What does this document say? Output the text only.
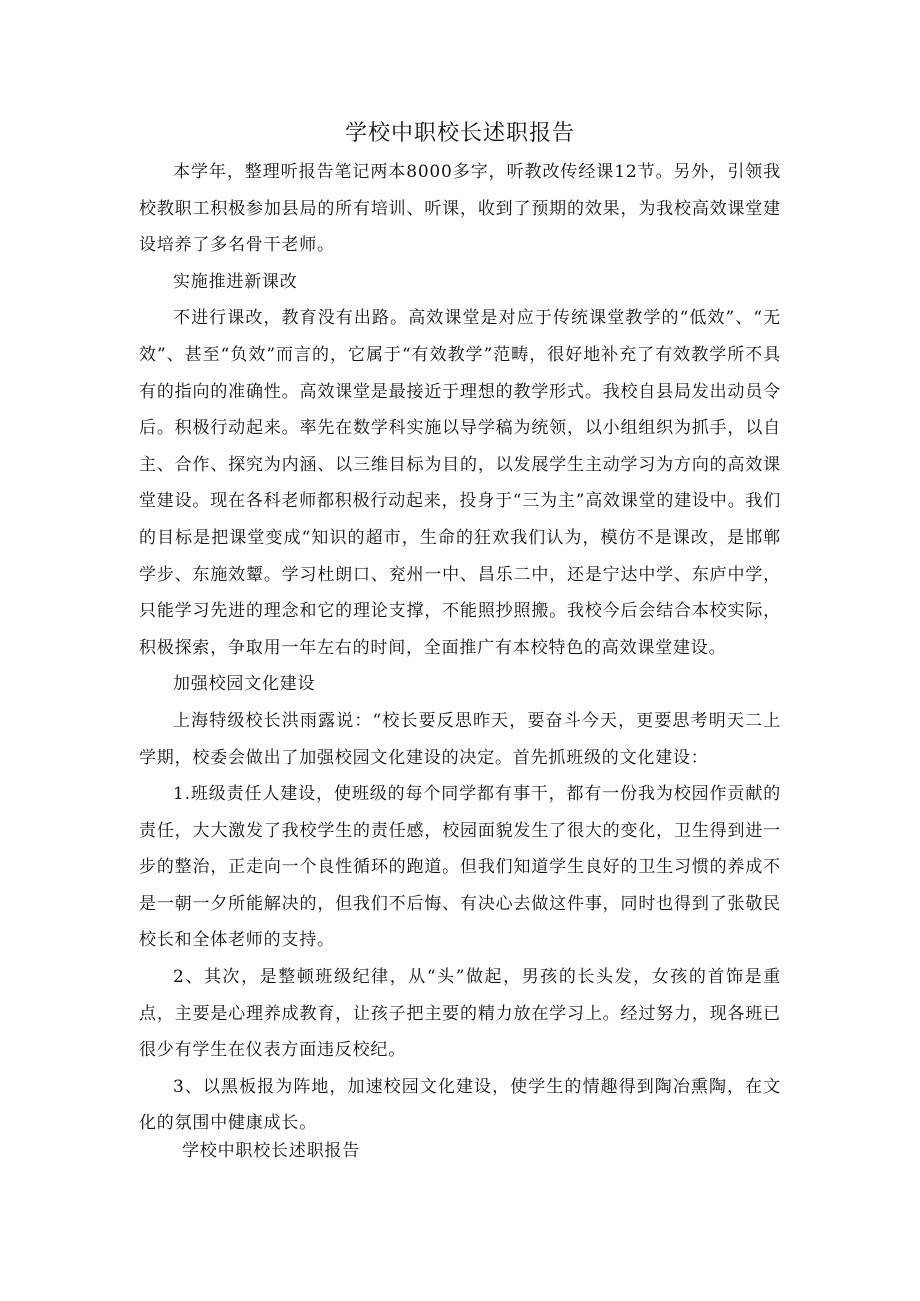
学校中职校长述职报告

本学年，整理听报告笔记两本8000多字，听教改传经课12节。另外，引领我校教职工积极参加县局的所有培训、听课，收到了预期的效果，为我校高效课堂建设培养了多名骨干老师。

实施推进新课改

不进行课改，教育没有出路。高效课堂是对应于传统课堂教学的“低效”、“无效”、甚至“负效”而言的，它属于“有效教学”范畴，很好地补充了有效教学所不具有的指向的准确性。高效课堂是最接近于理想的教学形式。我校自县局发出动员令后。积极行动起来。率先在数学科实施以导学稿为统领，以小组组织为抓手，以自主、合作、探究为内涵、以三维目标为目的，以发展学生主动学习为方向的高效课堂建设。现在各科老师都积极行动起来，投身于“三为主”高效课堂的建设中。我们的目标是把课堂变成“知识的超市，生命的狂欢我们认为，模仿不是课改，是邯郸学步、东施效颦。学习杜朗口、兖州一中、昌乐二中，还是宁达中学、东庐中学，只能学习先进的理念和它的理论支撑，不能照抄照搬。我校今后会结合本校实际，积极探索，争取用一年左右的时间，全面推广有本校特色的高效课堂建设。

加强校园文化建设

上海特级校长洪雨露说：“校长要反思昨天，要奋斗今天，更要思考明天二上学期，校委会做出了加强校园文化建设的决定。首先抓班级的文化建设：

1.班级责任人建设，使班级的每个同学都有事干，都有一份我为校园作贡献的责任，大大激发了我校学生的责任感，校园面貌发生了很大的变化，卫生得到进一步的整治，正走向一个良性循环的跑道。但我们知道学生良好的卫生习惯的养成不是一朝一夕所能解决的，但我们不后悔、有决心去做这件事，同时也得到了张敬民校长和全体老师的支持。

2、其次，是整顿班级纪律，从“头”做起，男孩的长头发，女孩的首饰是重点，主要是心理养成教育，让孩子把主要的精力放在学习上。经过努力，现各班已很少有学生在仪表方面违反校纪。

3、以黑板报为阵地，加速校园文化建设，使学生的情趣得到陶冶熏陶，在文化的氛围中健康成长。

学校中职校长述职报告
